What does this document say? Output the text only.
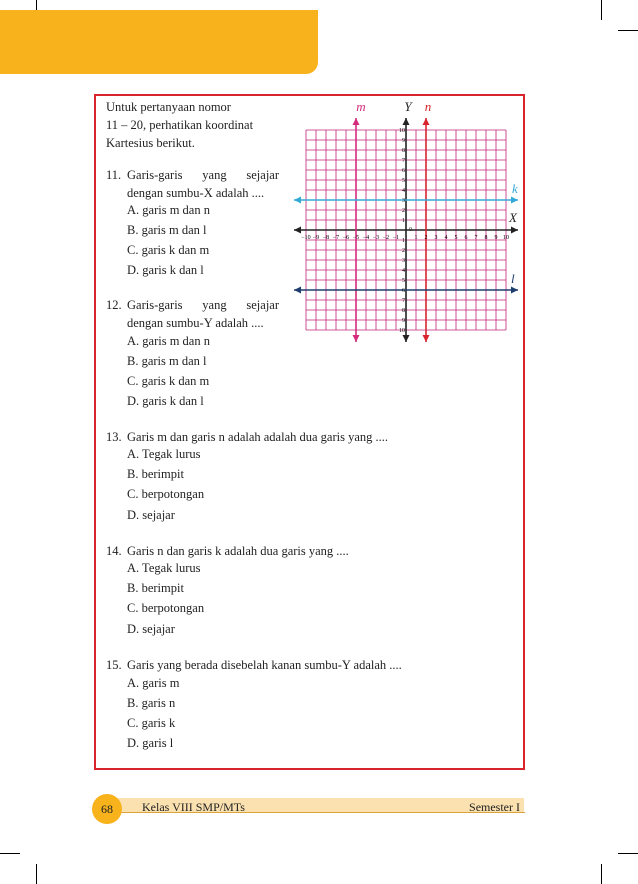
Untuk pertanyaan nomor
11 – 20, perhatikan koordinat
Kartesius berikut.
11. Garis-garis yang sejajar
dengan sumbu-X adalah ....
A. garis m dan n
B. garis m dan l
C. garis k dan m
D. garis k dan l
12. Garis-garis yang sejajar
dengan sumbu-Y adalah ....
A. garis m dan n
B. garis m dan l
C. garis k dan m
D. garis k dan l
13. Garis m dan garis n adalah adalah dua garis yang ....
A. Tegak lurus
B. berimpit
C. berpotongan
D. sejajar
14. Garis n dan garis k adalah dua garis yang ....
A. Tegak lurus
B. berimpit
C. berpotongan
D. sejajar
15. Garis yang berada disebelah kanan sumbu-Y adalah ....
A. garis m
B. garis n
C. garis k
D. garis l
−10 −9 −8 −7 −6 −5 −4 −3 −2 −1	1 2 3 4 5 6 7 8 9 10
10
9
8
7
6
5
4
3
2
1
1
2
3
4
5
6
7
8
9
10
m	n
Y
k
X
l
0
68	Kelas VIII SMP/MTs	Semester I
